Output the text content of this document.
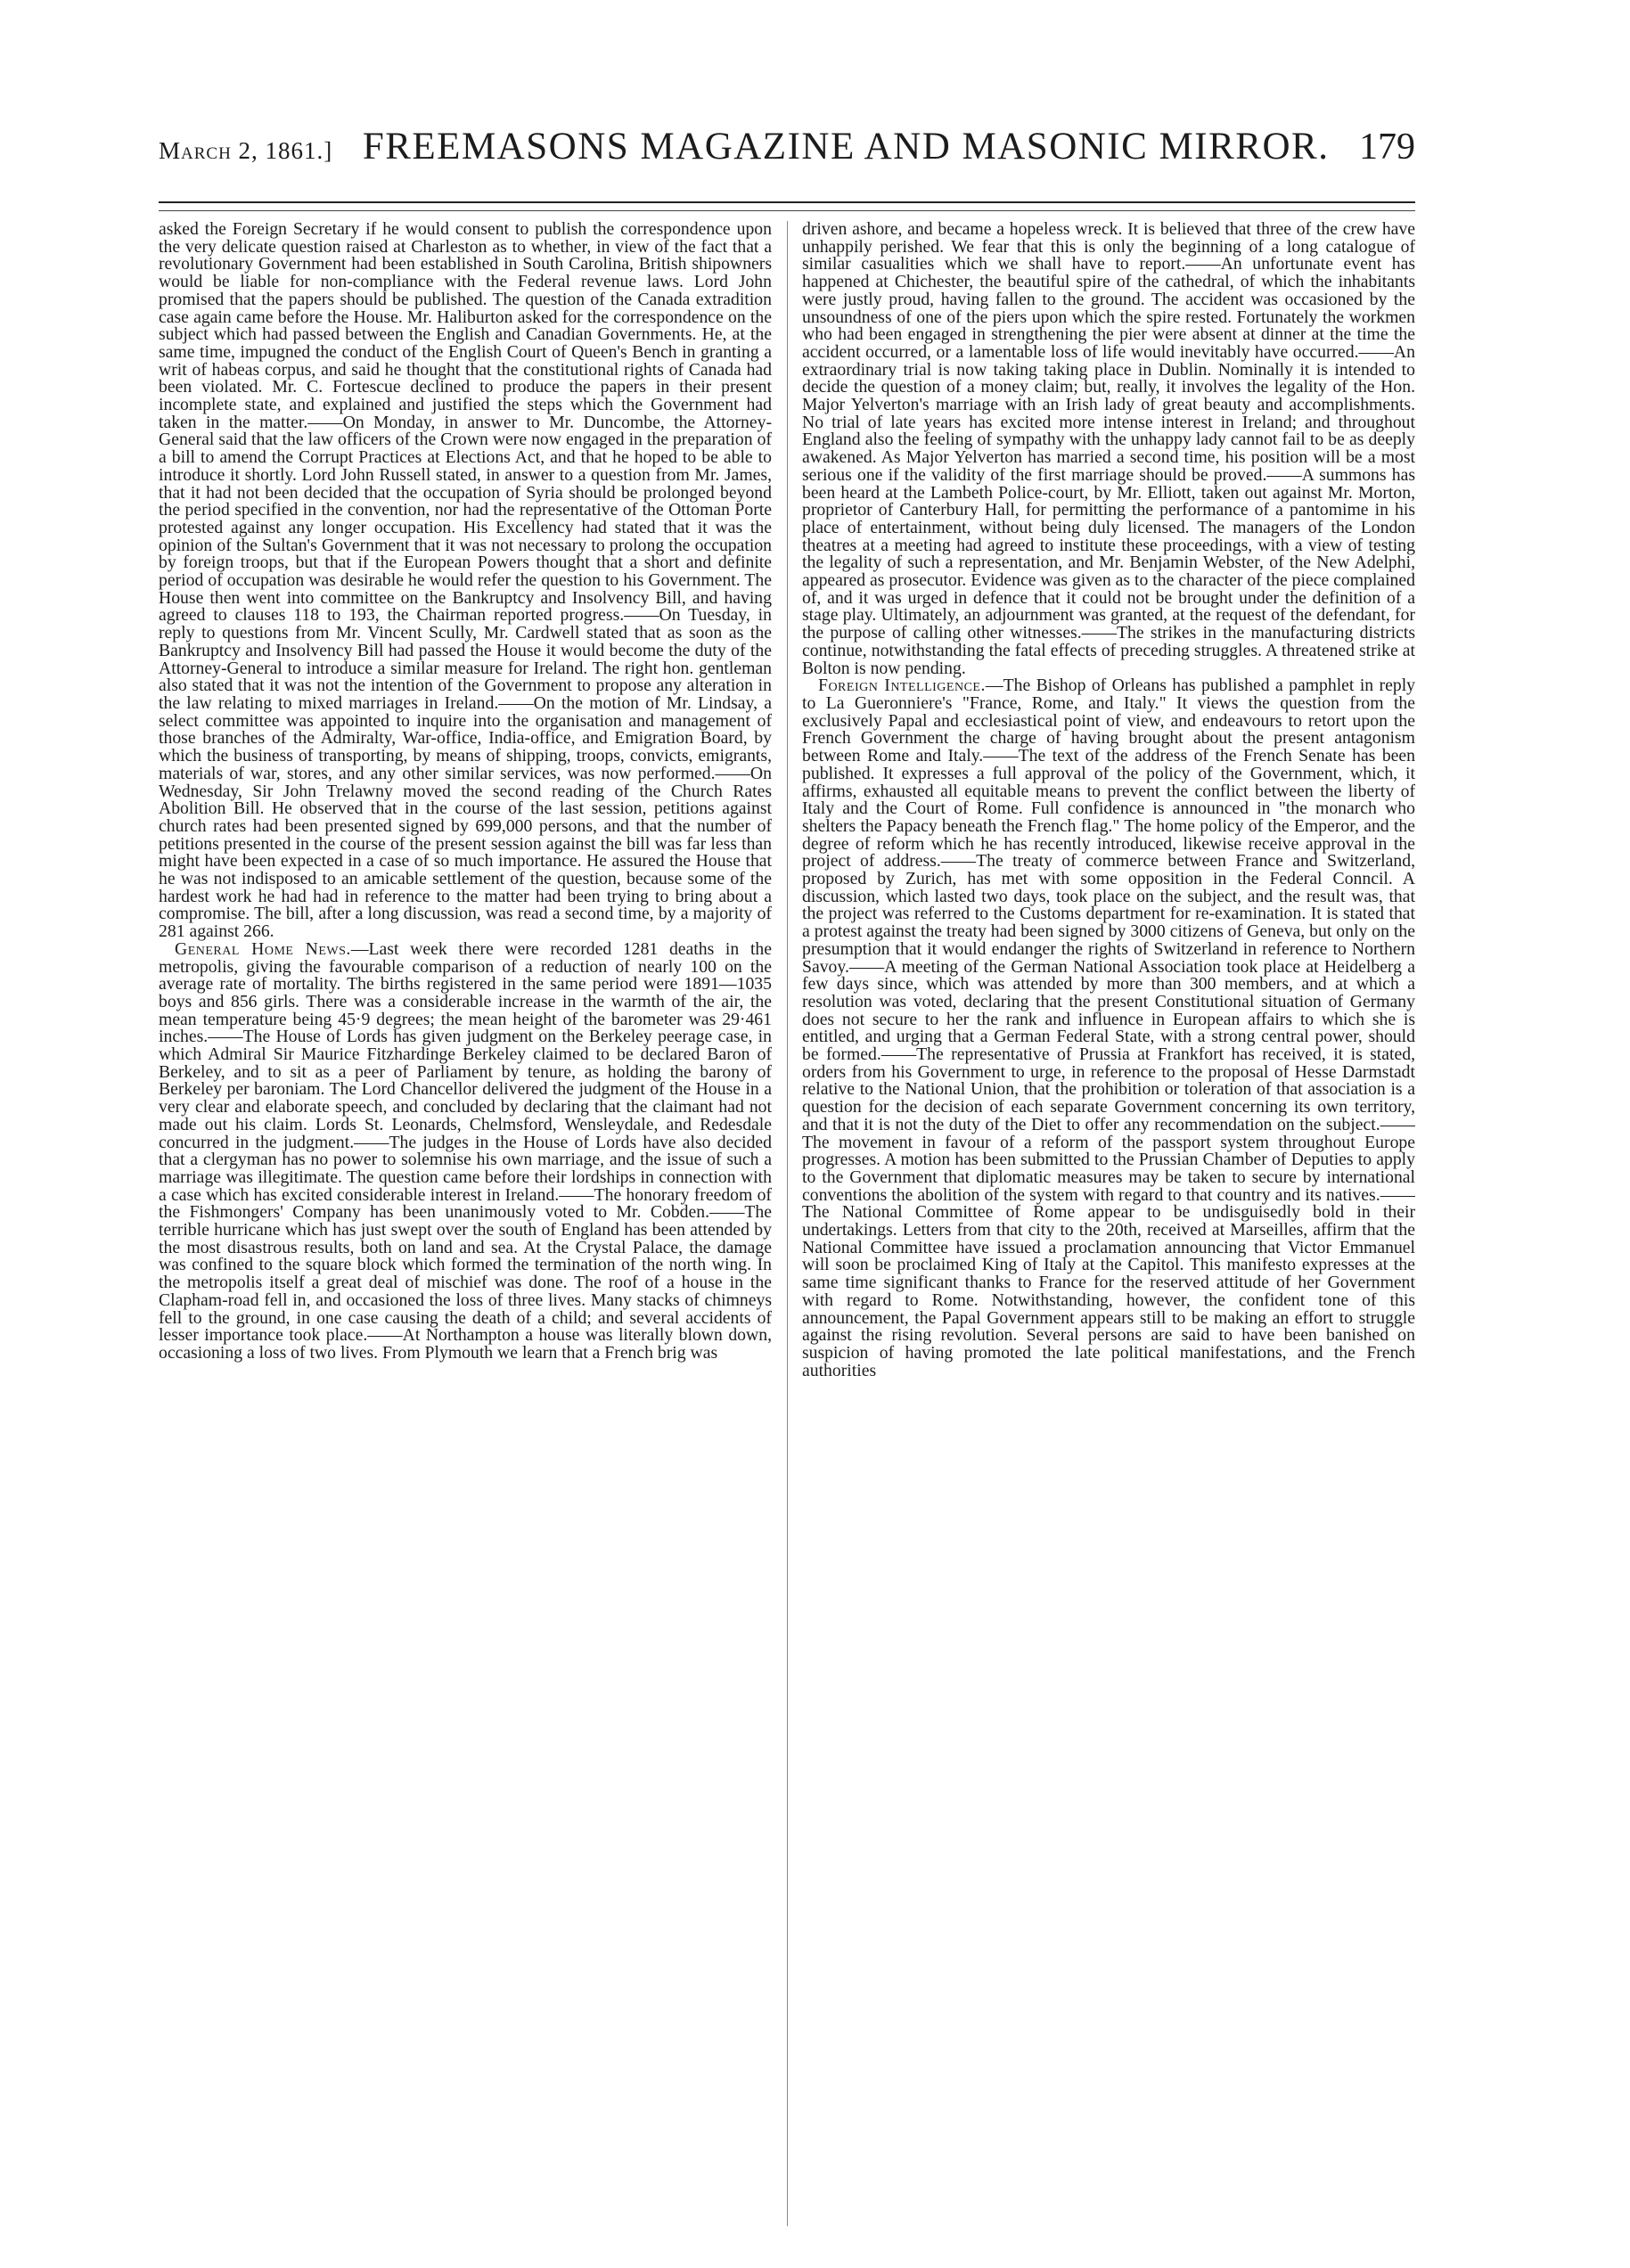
March 2, 1861.] FREEMASONS MAGAZINE AND MASONIC MIRROR. 179

asked the Foreign Secretary if he would consent to publish the correspondence upon the very delicate question raised at Charleston as to whether, in view of the fact that a revolutionary Government had been established in South Carolina, British shipowners would be liable for non-compliance with the Federal revenue laws. Lord John promised that the papers should be published. The question of the Canada extradition case again came before the House. Mr. Haliburton asked for the correspondence on the subject which had passed between the English and Canadian Governments. He, at the same time, impugned the conduct of the English Court of Queen's Bench in granting a writ of habeas corpus, and said he thought that the constitutional rights of Canada had been violated. Mr. C. Fortescue declined to produce the papers in their present incomplete state, and explained and justified the steps which the Government had taken in the matter.——On Monday, in answer to Mr. Duncombe, the Attorney-General said that the law officers of the Crown were now engaged in the preparation of a bill to amend the Corrupt Practices at Elections Act, and that he hoped to be able to introduce it shortly. Lord John Russell stated, in answer to a question from Mr. James, that it had not been decided that the occupation of Syria should be prolonged beyond the period specified in the convention, nor had the representative of the Ottoman Porte protested against any longer occupation. His Excellency had stated that it was the opinion of the Sultan's Government that it was not necessary to prolong the occupation by foreign troops, but that if the European Powers thought that a short and definite period of occupation was desirable he would refer the question to his Government. The House then went into committee on the Bankruptcy and Insolvency Bill, and having agreed to clauses 118 to 193, the Chairman reported progress.——On Tuesday, in reply to questions from Mr. Vincent Scully, Mr. Cardwell stated that as soon as the Bankruptcy and Insolvency Bill had passed the House it would become the duty of the Attorney-General to introduce a similar measure for Ireland. The right hon. gentleman also stated that it was not the intention of the Government to propose any alteration in the law relating to mixed marriages in Ireland.——On the motion of Mr. Lindsay, a select committee was appointed to inquire into the organisation and management of those branches of the Admiralty, War-office, India-office, and Emigration Board, by which the business of transporting, by means of shipping, troops, convicts, emigrants, materials of war, stores, and any other similar services, was now performed.——On Wednesday, Sir John Trelawny moved the second reading of the Church Rates Abolition Bill. He observed that in the course of the last session, petitions against church rates had been presented signed by 699,000 persons, and that the number of petitions presented in the course of the present session against the bill was far less than might have been expected in a case of so much importance. He assured the House that he was not indisposed to an amicable settlement of the question, because some of the hardest work he had had in reference to the matter had been trying to bring about a compromise. The bill, after a long discussion, was read a second time, by a majority of 281 against 266.

General Home News.—Last week there were recorded 1281 deaths in the metropolis, giving the favourable comparison of a reduction of nearly 100 on the average rate of mortality. The births registered in the same period were 1891—1035 boys and 856 girls. There was a considerable increase in the warmth of the air, the mean temperature being 45·9 degrees; the mean height of the barometer was 29·461 inches.——The House of Lords has given judgment on the Berkeley peerage case, in which Admiral Sir Maurice Fitzhardinge Berkeley claimed to be declared Baron of Berkeley, and to sit as a peer of Parliament by tenure, as holding the barony of Berkeley per baroniam. The Lord Chancellor delivered the judgment of the House in a very clear and elaborate speech, and concluded by declaring that the claimant had not made out his claim. Lords St. Leonards, Chelmsford, Wensleydale, and Redesdale concurred in the judgment.——The judges in the House of Lords have also decided that a clergyman has no power to solemnise his own marriage, and the issue of such a marriage was illegitimate. The question came before their lordships in connection with a case which has excited considerable interest in Ireland.——The honorary freedom of the Fishmongers' Company has been unanimously voted to Mr. Cobden.——The terrible hurricane which has just swept over the south of England has been attended by the most disastrous results, both on land and sea. At the Crystal Palace, the damage was confined to the square block which formed the termination of the north wing. In the metropolis itself a great deal of mischief was done. The roof of a house in the Clapham-road fell in, and occasioned the loss of three lives. Many stacks of chimneys fell to the ground, in one case causing the death of a child; and several accidents of lesser importance took place.——At Northampton a house was literally blown down, occasioning a loss of two lives. From Plymouth we learn that a French brig was

driven ashore, and became a hopeless wreck. It is believed that three of the crew have unhappily perished. We fear that this is only the beginning of a long catalogue of similar casualities which we shall have to report.——An unfortunate event has happened at Chichester, the beautiful spire of the cathedral, of which the inhabitants were justly proud, having fallen to the ground. The accident was occasioned by the unsoundness of one of the piers upon which the spire rested. Fortunately the workmen who had been engaged in strengthening the pier were absent at dinner at the time the accident occurred, or a lamentable loss of life would inevitably have occurred.——An extraordinary trial is now taking taking place in Dublin. Nominally it is intended to decide the question of a money claim; but, really, it involves the legality of the Hon. Major Yelverton's marriage with an Irish lady of great beauty and accomplishments. No trial of late years has excited more intense interest in Ireland; and throughout England also the feeling of sympathy with the unhappy lady cannot fail to be as deeply awakened. As Major Yelverton has married a second time, his position will be a most serious one if the validity of the first marriage should be proved.——A summons has been heard at the Lambeth Police-court, by Mr. Elliott, taken out against Mr. Morton, proprietor of Canterbury Hall, for permitting the performance of a pantomime in his place of entertainment, without being duly licensed. The managers of the London theatres at a meeting had agreed to institute these proceedings, with a view of testing the legality of such a representation, and Mr. Benjamin Webster, of the New Adelphi, appeared as prosecutor. Evidence was given as to the character of the piece complained of, and it was urged in defence that it could not be brought under the definition of a stage play. Ultimately, an adjournment was granted, at the request of the defendant, for the purpose of calling other witnesses.——The strikes in the manufacturing districts continue, notwithstanding the fatal effects of preceding struggles. A threatened strike at Bolton is now pending.

Foreign Intelligence.—The Bishop of Orleans has published a pamphlet in reply to La Gueronniere's "France, Rome, and Italy." It views the question from the exclusively Papal and ecclesiastical point of view, and endeavours to retort upon the French Government the charge of having brought about the present antagonism between Rome and Italy.——The text of the address of the French Senate has been published. It expresses a full approval of the policy of the Government, which, it affirms, exhausted all equitable means to prevent the conflict between the liberty of Italy and the Court of Rome. Full confidence is announced in "the monarch who shelters the Papacy beneath the French flag." The home policy of the Emperor, and the degree of reform which he has recently introduced, likewise receive approval in the project of address.——The treaty of commerce between France and Switzerland, proposed by Zurich, has met with some opposition in the Federal Conncil. A discussion, which lasted two days, took place on the subject, and the result was, that the project was referred to the Customs department for re-examination. It is stated that a protest against the treaty had been signed by 3000 citizens of Geneva, but only on the presumption that it would endanger the rights of Switzerland in reference to Northern Savoy.——A meeting of the German National Association took place at Heidelberg a few days since, which was attended by more than 300 members, and at which a resolution was voted, declaring that the present Constitutional situation of Germany does not secure to her the rank and influence in European affairs to which she is entitled, and urging that a German Federal State, with a strong central power, should be formed.——The representative of Prussia at Frankfort has received, it is stated, orders from his Government to urge, in reference to the proposal of Hesse Darmstadt relative to the National Union, that the prohibition or toleration of that association is a question for the decision of each separate Government concerning its own territory, and that it is not the duty of the Diet to offer any recommendation on the subject.——The movement in favour of a reform of the passport system throughout Europe progresses. A motion has been submitted to the Prussian Chamber of Deputies to apply to the Government that diplomatic measures may be taken to secure by international conventions the abolition of the system with regard to that country and its natives.——The National Committee of Rome appear to be undisguisedly bold in their undertakings. Letters from that city to the 20th, received at Marseilles, affirm that the National Committee have issued a proclamation announcing that Victor Emmanuel will soon be proclaimed King of Italy at the Capitol. This manifesto expresses at the same time significant thanks to France for the reserved attitude of her Government with regard to Rome. Notwithstanding, however, the confident tone of this announcement, the Papal Government appears still to be making an effort to struggle against the rising revolution. Several persons are said to have been banished on suspicion of having promoted the late political manifestations, and the French authorities
